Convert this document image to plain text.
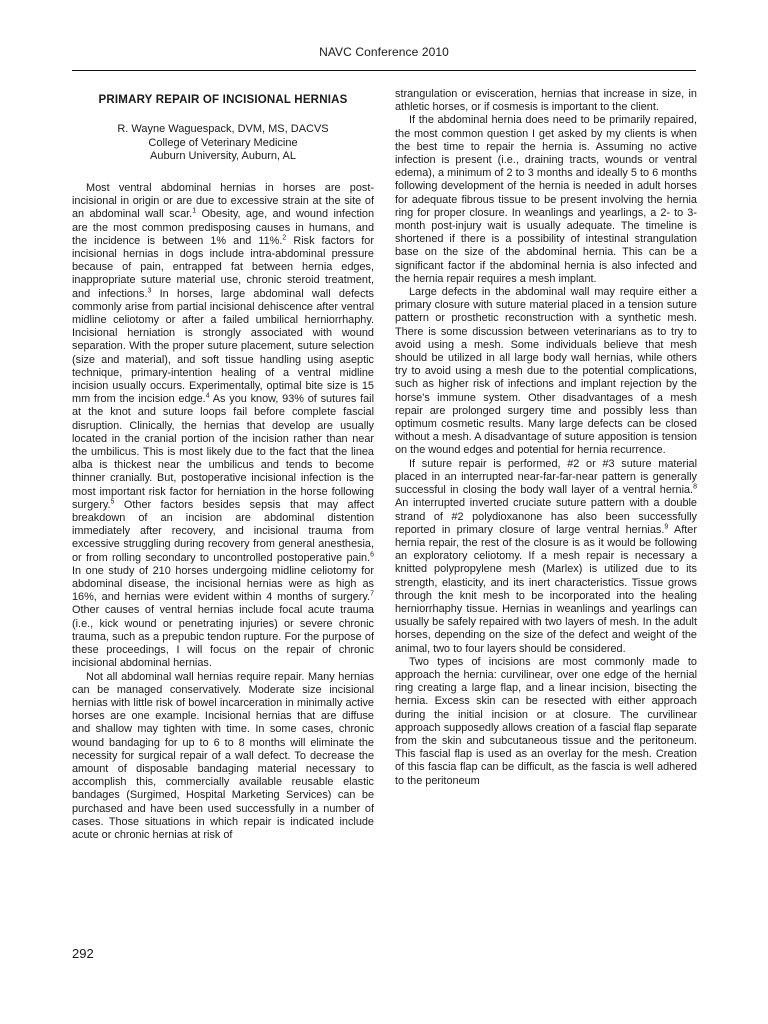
NAVC Conference 2010
PRIMARY REPAIR OF INCISIONAL HERNIAS
R. Wayne Waguespack, DVM, MS, DACVS
College of Veterinary Medicine
Auburn University, Auburn, AL

Most ventral abdominal hernias in horses are post-incisional in origin or are due to excessive strain at the site of an abdominal wall scar.$^1$ Obesity, age, and wound infection are the most common predisposing causes in humans, and the incidence is between 1% and 11%.$^2$ Risk factors for incisional hernias in dogs include intra-abdominal pressure because of pain, entrapped fat between hernia edges, inappropriate suture material use, chronic steroid treatment, and infections.$^3$ In horses, large abdominal wall defects commonly arise from partial incisional dehiscence after ventral midline celiotomy or after a failed umbilical herniorrhaphy. Incisional herniation is strongly associated with wound separation. With the proper suture placement, suture selection (size and material), and soft tissue handling using aseptic technique, primary-intention healing of a ventral midline incision usually occurs. Experimentally, optimal bite size is 15 mm from the incision edge.$^4$ As you know, 93% of sutures fail at the knot and suture loops fail before complete fascial disruption. Clinically, the hernias that develop are usually located in the cranial portion of the incision rather than near the umbilicus. This is most likely due to the fact that the linea alba is thickest near the umbilicus and tends to become thinner cranially. But, postoperative incisional infection is the most important risk factor for herniation in the horse following surgery.$^5$ Other factors besides sepsis that may affect breakdown of an incision are abdominal distention immediately after recovery, and incisional trauma from excessive struggling during recovery from general anesthesia, or from rolling secondary to uncontrolled postoperative pain.$^6$ In one study of 210 horses undergoing midline celiotomy for abdominal disease, the incisional hernias were as high as 16%, and hernias were evident within 4 months of surgery.$^7$ Other causes of ventral hernias include focal acute trauma (i.e., kick wound or penetrating injuries) or severe chronic trauma, such as a prepubic tendon rupture. For the purpose of these proceedings, I will focus on the repair of chronic incisional abdominal hernias.

Not all abdominal wall hernias require repair. Many hernias can be managed conservatively. Moderate size incisional hernias with little risk of bowel incarceration in minimally active horses are one example. Incisional hernias that are diffuse and shallow may tighten with time. In some cases, chronic wound bandaging for up to 6 to 8 months will eliminate the necessity for surgical repair of a wall defect. To decrease the amount of disposable bandaging material necessary to accomplish this, commercially available reusable elastic bandages (Surgimed, Hospital Marketing Services) can be purchased and have been used successfully in a number of cases. Those situations in which repair is indicated include acute or chronic hernias at risk of

strangulation or evisceration, hernias that increase in size, in athletic horses, or if cosmesis is important to the client.

If the abdominal hernia does need to be primarily repaired, the most common question I get asked by my clients is when the best time to repair the hernia is. Assuming no active infection is present (i.e., draining tracts, wounds or ventral edema), a minimum of 2 to 3 months and ideally 5 to 6 months following development of the hernia is needed in adult horses for adequate fibrous tissue to be present involving the hernia ring for proper closure. In weanlings and yearlings, a 2- to 3-month post-injury wait is usually adequate. The timeline is shortened if there is a possibility of intestinal strangulation base on the size of the abdominal hernia. This can be a significant factor if the abdominal hernia is also infected and the hernia repair requires a mesh implant.

Large defects in the abdominal wall may require either a primary closure with suture material placed in a tension suture pattern or prosthetic reconstruction with a synthetic mesh. There is some discussion between veterinarians as to try to avoid using a mesh. Some individuals believe that mesh should be utilized in all large body wall hernias, while others try to avoid using a mesh due to the potential complications, such as higher risk of infections and implant rejection by the horse's immune system. Other disadvantages of a mesh repair are prolonged surgery time and possibly less than optimum cosmetic results. Many large defects can be closed without a mesh. A disadvantage of suture apposition is tension on the wound edges and potential for hernia recurrence.

If suture repair is performed, #2 or #3 suture material placed in an interrupted near-far-far-near pattern is generally successful in closing the body wall layer of a ventral hernia.$^8$ An interrupted inverted cruciate suture pattern with a double strand of #2 polydioxanone has also been successfully reported in primary closure of large ventral hernias.$^9$ After hernia repair, the rest of the closure is as it would be following an exploratory celiotomy. If a mesh repair is necessary a knitted polypropylene mesh (Marlex) is utilized due to its strength, elasticity, and its inert characteristics. Tissue grows through the knit mesh to be incorporated into the healing herniorrhaphy tissue. Hernias in weanlings and yearlings can usually be safely repaired with two layers of mesh. In the adult horses, depending on the size of the defect and weight of the animal, two to four layers should be considered.

Two types of incisions are most commonly made to approach the hernia: curvilinear, over one edge of the hernial ring creating a large flap, and a linear incision, bisecting the hernia. Excess skin can be resected with either approach during the initial incision or at closure. The curvilinear approach supposedly allows creation of a fascial flap separate from the skin and subcutaneous tissue and the peritoneum. This fascial flap is used as an overlay for the mesh. Creation of this fascia flap can be difficult, as the fascia is well adhered to the peritoneum

292
